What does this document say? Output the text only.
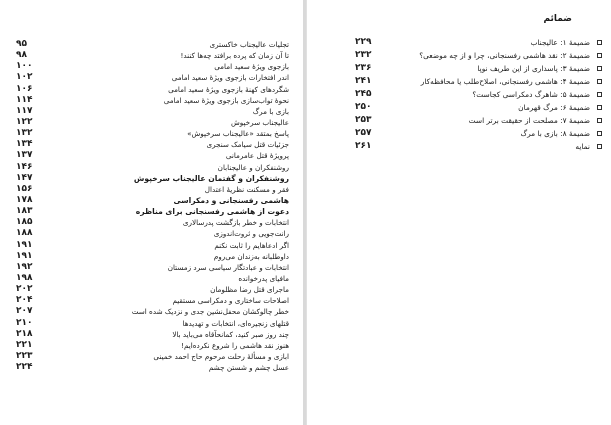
تجلیات عالیجناب خاکستری
۹۵
تا آن زمان که پرده برافتد چه‌ها کنند!
۹۸
بازجوی ویژهٔ سعید امامی
۱۰۰
اندر افتخارات بازجوی ویژهٔ سعید امامی
۱۰۲
شگردهای کهنهٔ بازجوی ویژهٔ سعید امامی
۱۰۶
نحوهٔ تواب‌سازی بازجوی ویژهٔ سعید امامی
۱۱۴
بازی با مرگ
۱۱۷
عالیجناب سرخپوش
۱۲۲
پاسخ بمتقد «عالیجناب سرخپوش»
۱۳۲
جزئیات قتل سیامک سنجری
۱۳۴
پرویژهٔ قتل عامرمانی
۱۳۷
روشنفکران و عالیجنابان
۱۴۶
روشنفکران و گفتمان عالیجناب سرخپوش
۱۴۷
فقر و مسکنت نظریهٔ اعتدال
۱۵۶
هاشمی رفسنجانی و دمکراسی
۱۷۸
دعوت از هاشمی رفسنجانی برای مناظره
۱۸۳
انتخابات و خطر بازگشت پدرسالاری
۱۸۵
رانت‌جویی و ثروت‌اندوزی
۱۸۸
اگر ادعاهایم را ثابت نکنم
۱۹۱
داوطلبانه به‌زندان می‌روم
۱۹۱
انتخابات و عبادتگار سیاسی سرد زمستان
۱۹۲
مافیای پدرخوانده
۱۹۸
ماجرای قتل رضا مظلومان
۲۰۲
اصلاحات ساختاری و دمکراسی مستقیم
۲۰۴
خطر چالوکشان محفل‌نشین جدی و نزدیک شده است
۲۰۷
قتلهای زنجیره‌ای، انتخابات و تهدیدها
۲۱۰
چند روز صبر کنید، کمانحآقاه می‌باید بالا
۲۱۸
هنوز نقد هاشمی را شروع نکرده‌ایم!
۲۲۱
ابازی و مسألهٔ رحلت مرحوم حاج احمد خمینی
۲۲۳
عسل چشم و شستن چشم
۲۲۴
ضمائم
ضمیمهٔ ۱: عالیجناب
۲۲۹
ضمیمهٔ ۲: نقد هاشمی رفسنجانی، چرا و از چه موضعی؟
۲۳۲
ضمیمهٔ ۳: پاسداری از این طریف نوپا
۲۳۶
ضمیمهٔ ۴: هاشمی رفسنجانی، اصلاح‌طلب یا محافظه‌کار
۲۴۱
ضمیمهٔ ۵: شاهرگ دمکراسی کجاست؟
۲۴۵
ضمیمهٔ ۶: مرگ قهرمان
۲۵۰
ضمیمهٔ ۷: مصلحت از حقیقت برتر است
۲۵۳
ضمیمهٔ ۸: بازی با مرگ
۲۵۷
نمایه
۲۶۱
